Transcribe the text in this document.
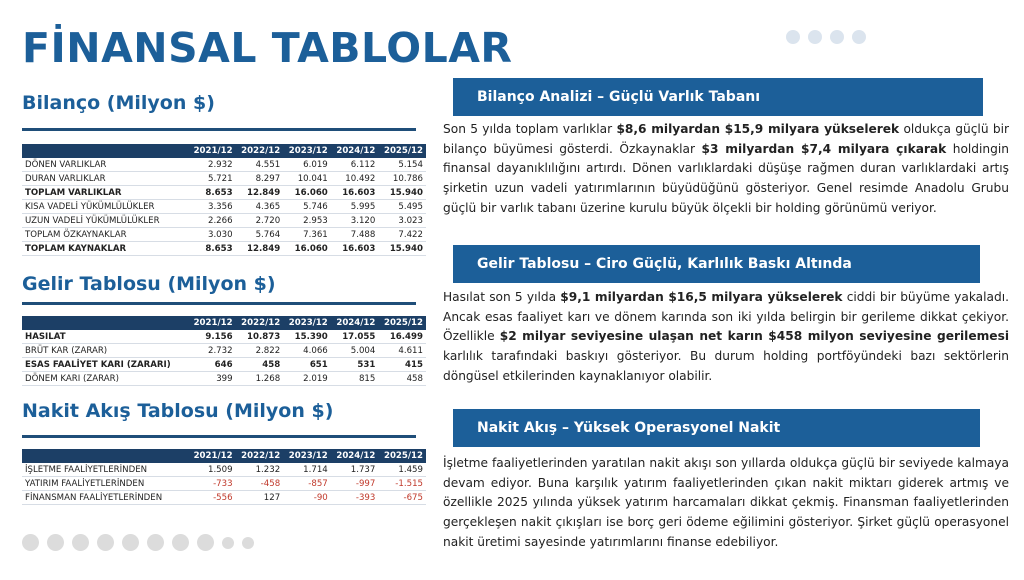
FİNANSAL TABLOLAR
Bilanço (Milyon $)
	2021/12	2022/12	2023/12	2024/12	2025/12
DÖNEN VARLIKLAR	2.932	4.551	6.019	6.112	5.154
DURAN VARLIKLAR	5.721	8.297	10.041	10.492	10.786
TOPLAM VARLIKLAR	8.653	12.849	16.060	16.603	15.940
KISA VADELİ YÜKÜMLÜLÜKLER	3.356	4.365	5.746	5.995	5.495
UZUN VADELİ YÜKÜMLÜLÜKLER	2.266	2.720	2.953	3.120	3.023
TOPLAM ÖZKAYNAKLAR	3.030	5.764	7.361	7.488	7.422
TOPLAM KAYNAKLAR	8.653	12.849	16.060	16.603	15.940
Gelir Tablosu (Milyon $)
	2021/12	2022/12	2023/12	2024/12	2025/12
HASILAT	9.156	10.873	15.390	17.055	16.499
BRÜT KAR (ZARAR)	2.732	2.822	4.066	5.004	4.611
ESAS FAALİYET KARI (ZARARI)	646	458	651	531	415
DÖNEM KARI (ZARAR)	399	1.268	2.019	815	458
Nakit Akış Tablosu (Milyon $)
	2021/12	2022/12	2023/12	2024/12	2025/12
İŞLETME FAALİYETLERİNDEN	1.509	1.232	1.714	1.737	1.459
YATIRIM FAALİYETLERİNDEN	-733	-458	-857	-997	-1.515
FİNANSMAN FAALİYETLERİNDEN	-556	127	-90	-393	-675
Bilanço Analizi – Güçlü Varlık Tabanı

Son 5 yılda toplam varlıklar $8,6 milyardan $15,9 milyara yükselerek oldukça güçlü bir bilanço büyümesi gösterdi. Özkaynaklar $3 milyardan $7,4 milyara çıkarak holdingin finansal dayanıklılığını artırdı. Dönen varlıklardaki düşüşe rağmen duran varlıklardaki artış şirketin uzun vadeli yatırımlarının büyüdüğünü gösteriyor. Genel resimde Anadolu Grubu güçlü bir varlık tabanı üzerine kurulu büyük ölçekli bir holding görünümü veriyor.

Gelir Tablosu – Ciro Güçlü, Karlılık Baskı Altında

Hasılat son 5 yılda $9,1 milyardan $16,5 milyara yükselerek ciddi bir büyüme yakaladı. Ancak esas faaliyet karı ve dönem karında son iki yılda belirgin bir gerileme dikkat çekiyor. Özellikle $2 milyar seviyesine ulaşan net karın $458 milyon seviyesine gerilemesi karlılık tarafındaki baskıyı gösteriyor. Bu durum holding portföyündeki bazı sektörlerin döngüsel etkilerinden kaynaklanıyor olabilir.

Nakit Akış – Yüksek Operasyonel Nakit

İşletme faaliyetlerinden yaratılan nakit akışı son yıllarda oldukça güçlü bir seviyede kalmaya devam ediyor. Buna karşılık yatırım faaliyetlerinden çıkan nakit miktarı giderek artmış ve özellikle 2025 yılında yüksek yatırım harcamaları dikkat çekmiş. Finansman faaliyetlerinden gerçekleşen nakit çıkışları ise borç geri ödeme eğilimini gösteriyor. Şirket güçlü operasyonel nakit üretimi sayesinde yatırımlarını finanse edebiliyor.
